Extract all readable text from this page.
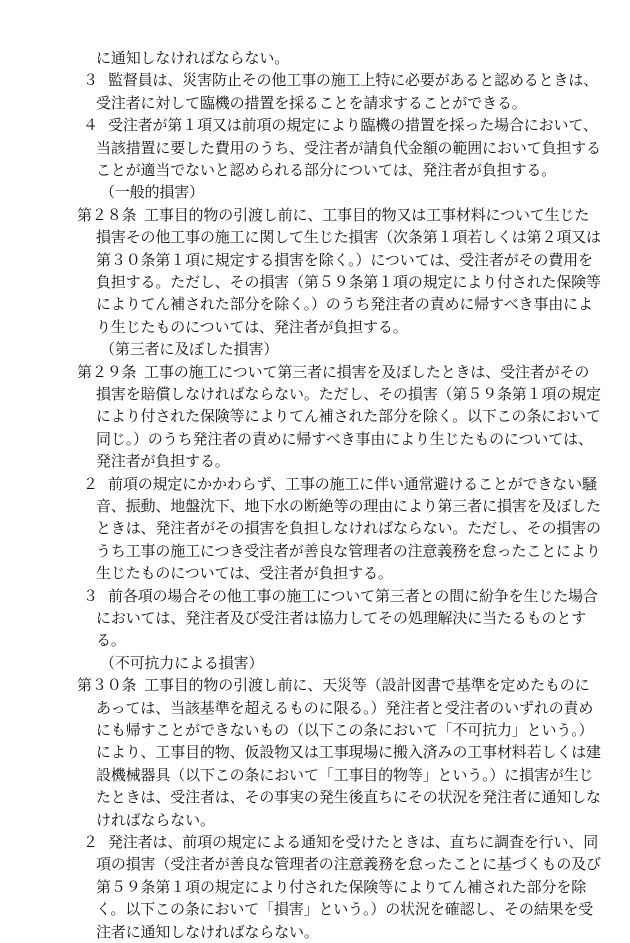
に通知しなければならない。
３ 監督員は、災害防止その他工事の施工上特に必要があると認めるときは、
受注者に対して臨機の措置を採ることを請求することができる。
４ 受注者が第１項又は前項の規定により臨機の措置を採った場合において、
当該措置に要した費用のうち、受注者が請負代金額の範囲において負担する
ことが適当でないと認められる部分については、発注者が負担する。
（一般的損害）
第２８条 工事目的物の引渡し前に、工事目的物又は工事材料について生じた
損害その他工事の施工に関して生じた損害（次条第１項若しくは第２項又は
第３０条第１項に規定する損害を除く。）については、受注者がその費用を
負担する。ただし、その損害（第５９条第１項の規定により付された保険等
によりてん補された部分を除く。）のうち発注者の責めに帰すべき事由によ
り生じたものについては、発注者が負担する。
（第三者に及ぼした損害）
第２９条 工事の施工について第三者に損害を及ぼしたときは、受注者がその
損害を賠償しなければならない。ただし、その損害（第５９条第１項の規定
により付された保険等によりてん補された部分を除く。以下この条において
同じ。）のうち発注者の責めに帰すべき事由により生じたものについては、
発注者が負担する。
２ 前項の規定にかかわらず、工事の施工に伴い通常避けることができない騒
音、振動、地盤沈下、地下水の断絶等の理由により第三者に損害を及ぼした
ときは、発注者がその損害を負担しなければならない。ただし、その損害の
うち工事の施工につき受注者が善良な管理者の注意義務を怠ったことにより
生じたものについては、受注者が負担する。
３ 前各項の場合その他工事の施工について第三者との間に紛争を生じた場合
においては、発注者及び受注者は協力してその処理解決に当たるものとす
る。
（不可抗力による損害）
第３０条 工事目的物の引渡し前に、天災等（設計図書で基準を定めたものに
あっては、当該基準を超えるものに限る。）発注者と受注者のいずれの責め
にも帰すことができないもの（以下この条において「不可抗力」という。）
により、工事目的物、仮設物又は工事現場に搬入済みの工事材料若しくは建
設機械器具（以下この条において「工事目的物等」という。）に損害が生じ
たときは、受注者は、その事実の発生後直ちにその状況を発注者に通知しな
ければならない。
２ 発注者は、前項の規定による通知を受けたときは、直ちに調査を行い、同
項の損害（受注者が善良な管理者の注意義務を怠ったことに基づくもの及び
第５９条第１項の規定により付された保険等によりてん補された部分を除
く。以下この条において「損害」という。）の状況を確認し、その結果を受
注者に通知しなければならない。
